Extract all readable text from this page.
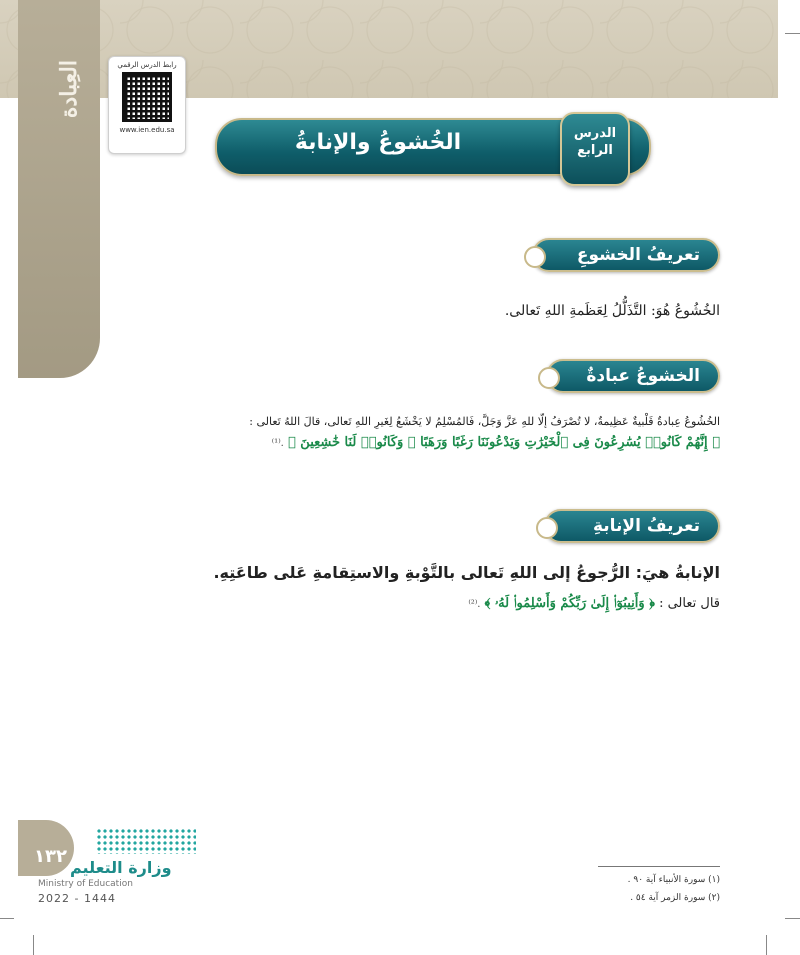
العِبادة	رابط الدرس الرقمي
www.ien.edu.sa	الخُشوعُ والإنابةُ	الدرس
الرابع
تعريفُ الخشوعِ
الخُشُوعُ هُوَ: التَّذَلُّلُ لِعَظَمةِ اللهِ تَعالى.
الخشوعُ عبادةٌ
الخُشُوعُ عِبادةٌ قَلْبيةٌ عَظِيمةٌ، لا تُصْرَفُ إلّا للهِ عَزَّ وَجَلَّ، فَالمُسْلِمُ لا يَخْشَعُ لِغَيرِ اللهِ تَعالى، قالَ اللهُ تَعالى :
﴿ إِنَّهُمْ كَانُوا۟ يُسَٰرِعُونَ فِى ٱلْخَيْرَٰتِ وَيَدْعُونَنَا رَغَبًا وَرَهَبًا ۖ وَكَانُوا۟ لَنَا خَٰشِعِينَ ﴾ .⁽¹⁾
تعريفُ الإنابةِ
الإنابةُ هيَ: الرُّجوعُ إلى اللهِ تَعالى بالتَّوْبةِ والاستِقامةِ عَلى طاعَتِهِ.
قال تعالى : ﴿ وَأَنِيبُوٓا۟ إِلَىٰ رَبِّكُمْ وَأَسْلِمُوا۟ لَهُۥ ﴾ .⁽²⁾
١٣٢
وزارة التعليم
Ministry of Education
2022 - 1444
(١) سورة الأنبياء آية ٩٠ .
(٢) سورة الزمر آية ٥٤ .
